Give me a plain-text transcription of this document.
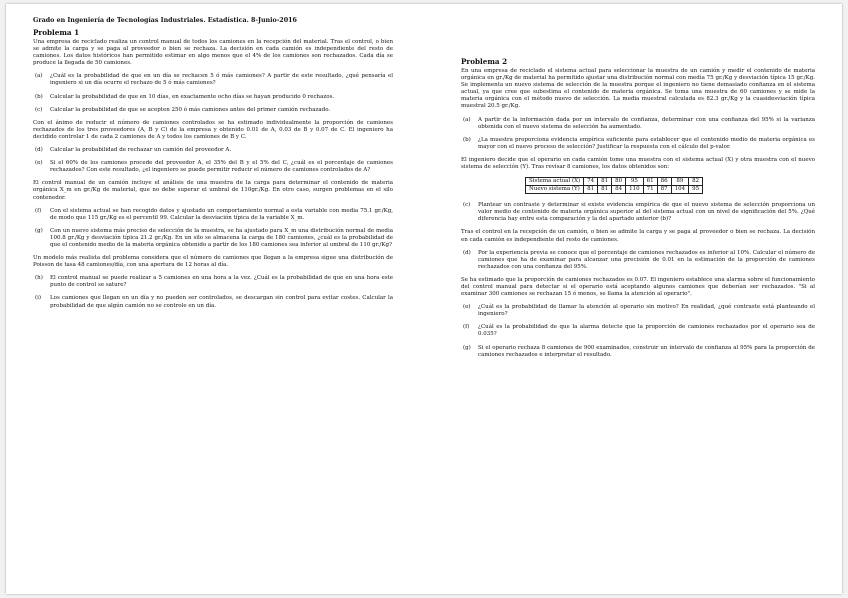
Grado en Ingeniería de Tecnologías Industriales. Estadística. 8-Junio-2016
Problema 1

Una empresa de reciclado realiza un control manual de todos los camiones en la recepción del material. Tras el control, o bien se admite la carga y se paga al proveedor o bien se rechaza. La decisión en cada camión es independiente del resto de camiones. Los datos históricos han permitido estimar en algo menos que el 4% de los camiones son rechazados. Cada día se produce la llegada de 50 camiones.

(a)	¿Cuál es la probabilidad de que en un día se rechacen 5 ó más camiones? A partir de este resultado, ¿qué pensaría el ingeniero si un día ocurre el rechazo de 5 ó más camiones?
(b)	Calcular la probabilidad de que en 10 días, en exactamente ocho días se hayan producido 0 rechazos.
(c)	Calcular la probabilidad de que se acepten 250 ó más camiones antes del primer camión rechazado.

Con el ánimo de reducir el número de camiones controlados se ha estimado individualmente la proporción de camiones rechazados de los tres proveedores (A, B y C) de la empresa y obtenido 0.01 de A, 0.03 de B y 0.07 de C. El ingeniero ha decidido controlar 1 de cada 2 camiones de A y todos los camiones de B y C.

(d)	Calcular la probabilidad de rechazar un camión del proveedor A.
(e)	Si el 60% de los camiones procede del proveedor A, el 35% del B y el 5% del C, ¿cuál es el porcentaje de camiones rechazados? Con este resultado, ¿el ingeniero se puede permitir reducir el número de camiones controlados de A?

El control manual de un camión incluye el análisis de una muestra de la carga para determinar el contenido de materia orgánica X_m en gr./Kg de material, que no debe superar el umbral de 110gr./Kg. En otro caso, surgen problemas en el silo contenedor.

(f)	Con el sistema actual se han recogido datos y ajustado un comportamiento normal a esta variable con media 75.1 gr./Kg, de modo que 115 gr./Kg es el percentil 99. Calcular la desviación típica de la variable X_m.
(g)	Con un nuevo sistema más preciso de selección de la muestra, se ha ajustado para X_m una distribución normal de media 100.8 gr./Kg y desviación típica 21.2 gr./Kg. En un silo se almacena la carga de 180 camiones, ¿cuál es la probabilidad de que el contenido medio de la materia orgánica obtenido a partir de los 180 camiones sea inferior al umbral de 110 gr./Kg?

Un modelo más realista del problema considera que el número de camiones que llegan a la empresa sigue una distribución de Poisson de tasa 48 camiones/día, con una apertura de 12 horas al día.

(h)	El control manual se puede realizar a 5 camiones en una hora a la vez. ¿Cuál es la probabilidad de que en una hora este punto de control se sature?
(i)	Los camiones que llegan en un día y no pueden ser controlados, se descargan sin control para evitar costes. Calcular la probabilidad de que algún camión no se controle en un día.
Problema 2

En una empresa de reciclado el sistema actual para seleccionar la muestra de un camión y medir el contenido de materia orgánica en gr./Kg de material ha permitido ajustar una distribución normal con media 75 gr./Kg y desviación típica 15 gr./Kg. Se implementa un nuevo sistema de selección de la muestra porque el ingeniero no tiene demasiado confianza en el sistema actual, ya que cree que subestima el contenido de materia orgánica. Se toma una muestra de 60 camiones y se mide la materia orgánica con el método nuevo de selección. La media muestral calculada es 82.3 gr./Kg y la cuasidesviación típica muestral 20.5 gr./Kg.

(a)	A partir de la información dada por un intervalo de confianza, determinar con una confianza del 95% si la varianza obtenida con el nuevo sistema de selección ha aumentado.
(b)	¿La muestra proporciona evidencia empírica suficiente para establecer que el contenido medio de materia orgánica es mayor con el nuevo proceso de selección? Justificar la respuesta con el cálculo del p-valor.

El ingeniero decide que el operario en cada camión tome una muestra con el sistema actual (X) y otra muestra con el nuevo sistema de selección (Y). Tras revisar 8 camiones, los datos obtenidos son:

Sistema actual (X)	74	81	80	95	61	86	89	82
Nuevo sistema (Y)	81	81	84	110	71	87	104	95
(c)	Plantear un contraste y determinar si existe evidencia empírica de que el nuevo sistema de selección proporciona un valor medio de contenido de materia orgánica superior al del sistema actual con un nivel de significación del 5%. ¿Qué diferencia hay entre esta comparación y la del apartado anterior (b)?

Tras el control en la recepción de un camión, o bien se admite la carga y se paga al proveedor o bien se rechaza. La decisión en cada camión es independiente del resto de camiones.

(d)	Por la experiencia previa se conoce que el porcentaje de camiones rechazados es inferior al 10%. Calcular el número de camiones que ha de examinar para alcanzar una precisión de 0.01 en la estimación de la proporción de camiones rechazados con una confianza del 95%.

Se ha estimado que la proporción de camiones rechazados es 0.07. El ingeniero establece una alarma sobre el funcionamiento del control manual para detectar si el operario está aceptando algunos camiones que deberían ser rechazados. "Si al examinar 300 camiones se rechazan 15 ó menos, se llama la atención al operario".

(e)	¿Cuál es la probabilidad de llamar la atención al operario sin motivo? En realidad, ¿qué contraste está planteando el ingeniero?
(f)	¿Cuál es la probabilidad de que la alarma detecte que la proporción de camiones rechazados por el operario sea de 0.035?
(g)	Si el operario rechaza 8 camiones de 900 examinados, construir un intervalo de confianza al 95% para la proporción de camiones rechazados e interpretar el resultado.
